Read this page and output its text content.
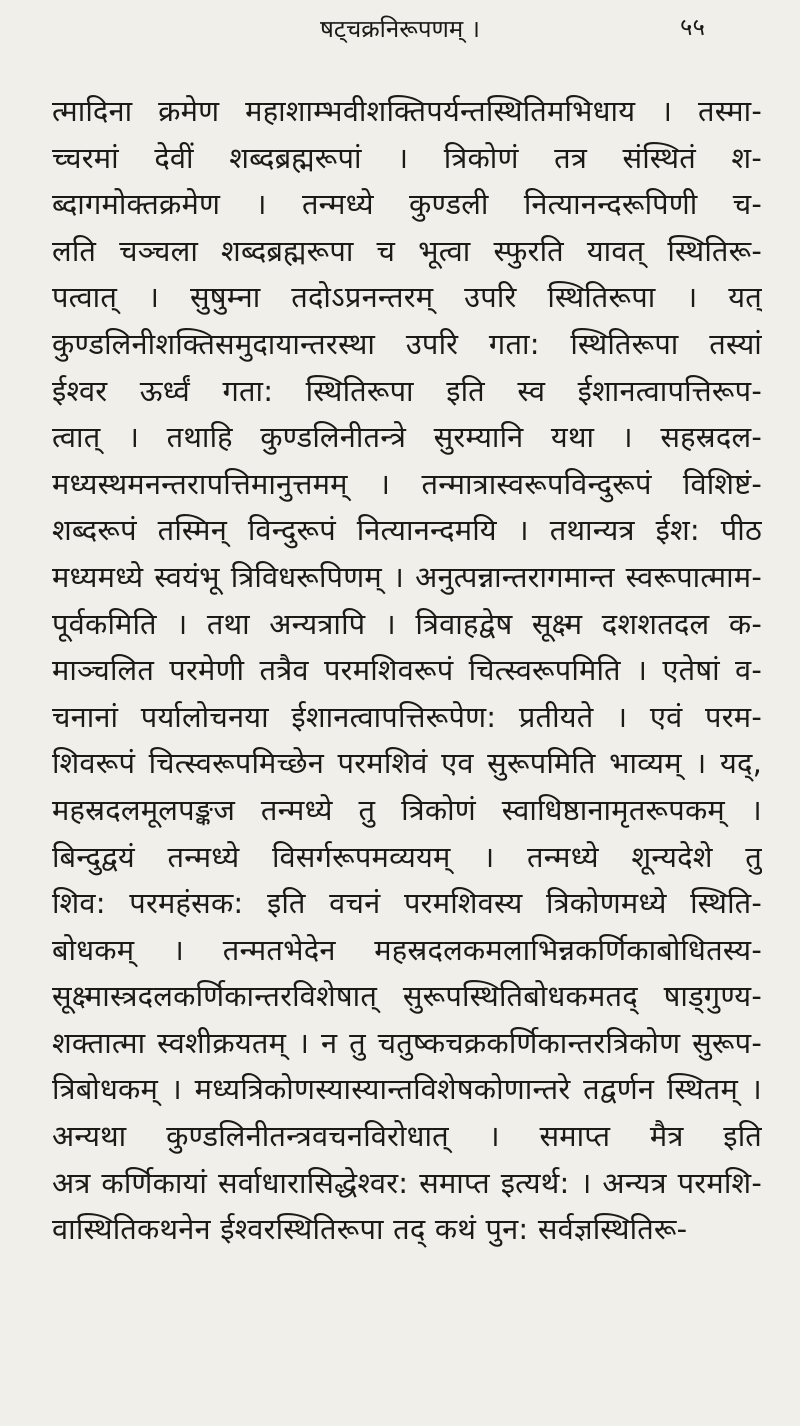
षट्चक्रनिरूपणम् ।	५५
त्मादिना क्रमेण महाशाम्भवीशक्तिपर्यन्तस्थितिमभिधाय । तस्मा-
च्चरमां देवीं शब्दब्रह्मरूपां । त्रिकोणं तत्र संस्थितं श-
ब्दागमोक्तक्रमेण । तन्मध्ये कुण्डली नित्यानन्दरूपिणी च-
लति चञ्चला शब्दब्रह्मरूपा च भूत्वा स्फुरति यावत् स्थितिरू-
पत्वात् । सुषुम्ना तदोऽप्रनन्तरम् उपरि स्थितिरूपा । यत्
कुण्डलिनीशक्तिसमुदायान्तरस्था उपरि गता: स्थितिरूपा तस्यां
ईश्वर ऊर्ध्वं गता: स्थितिरूपा इति स्व ईशानत्वापत्तिरूप-
त्वात् । तथाहि कुण्डलिनीतन्त्रे सुरम्यानि यथा । सहस्रदल-
मध्यस्थमनन्तरापत्तिमानुत्तमम् । तन्मात्रास्वरूपविन्दुरूपं विशिष्टं-
शब्दरूपं तस्मिन् विन्दुरूपं नित्यानन्दमयि । तथान्यत्र ईश: पीठ
मध्यमध्ये स्वयंभू त्रिविधरूपिणम् । अनुत्पन्नान्तरागमान्त स्वरूपात्माम-
पूर्वकमिति । तथा अन्यत्रापि । त्रिवाहद्वेष सूक्ष्म दशशतदल क-
माञ्चलित परमेणी तत्रैव परमशिवरूपं चित्स्वरूपमिति । एतेषां व-
चनानां पर्यालोचनया ईशानत्वापत्तिरूपेण: प्रतीयते । एवं परम-
शिवरूपं चित्स्वरूपमिच्छेन परमशिवं एव सुरूपमिति भाव्यम् । यद्,
महस्रदलमूलपङ्कज तन्मध्ये तु त्रिकोणं स्वाधिष्ठानामृतरूपकम् ।
बिन्दुद्वयं तन्मध्ये विसर्गरूपमव्ययम् । तन्मध्ये शून्यदेशे तु
शिव: परमहंसक: इति वचनं परमशिवस्य त्रिकोणमध्ये स्थिति-
बोधकम् । तन्मतभेदेन महस्रदलकमलाभिन्नकर्णिकाबोधितस्य-
सूक्ष्मास्त्रदलकर्णिकान्तरविशेषात् सुरूपस्थितिबोधकमतद् षाड्गुण्य-
शक्तात्मा स्वशीक्रयतम् । न तु चतुष्कचक्रकर्णिकान्तरत्रिकोण सुरूप-
त्रिबोधकम् । मध्यत्रिकोणस्यास्यान्तविशेषकोणान्तरे तद्वर्णन स्थितम् ।
अन्यथा कुण्डलिनीतन्त्रवचनविरोधात् । समाप्त मैत्र इति
अत्र कर्णिकायां सर्वाधारासिद्धेश्वर: समाप्त इत्यर्थ: । अन्यत्र परमशि-
वास्थितिकथनेन ईश्वरस्थितिरूपा तद् कथं पुन: सर्वज्ञस्थितिरू-
